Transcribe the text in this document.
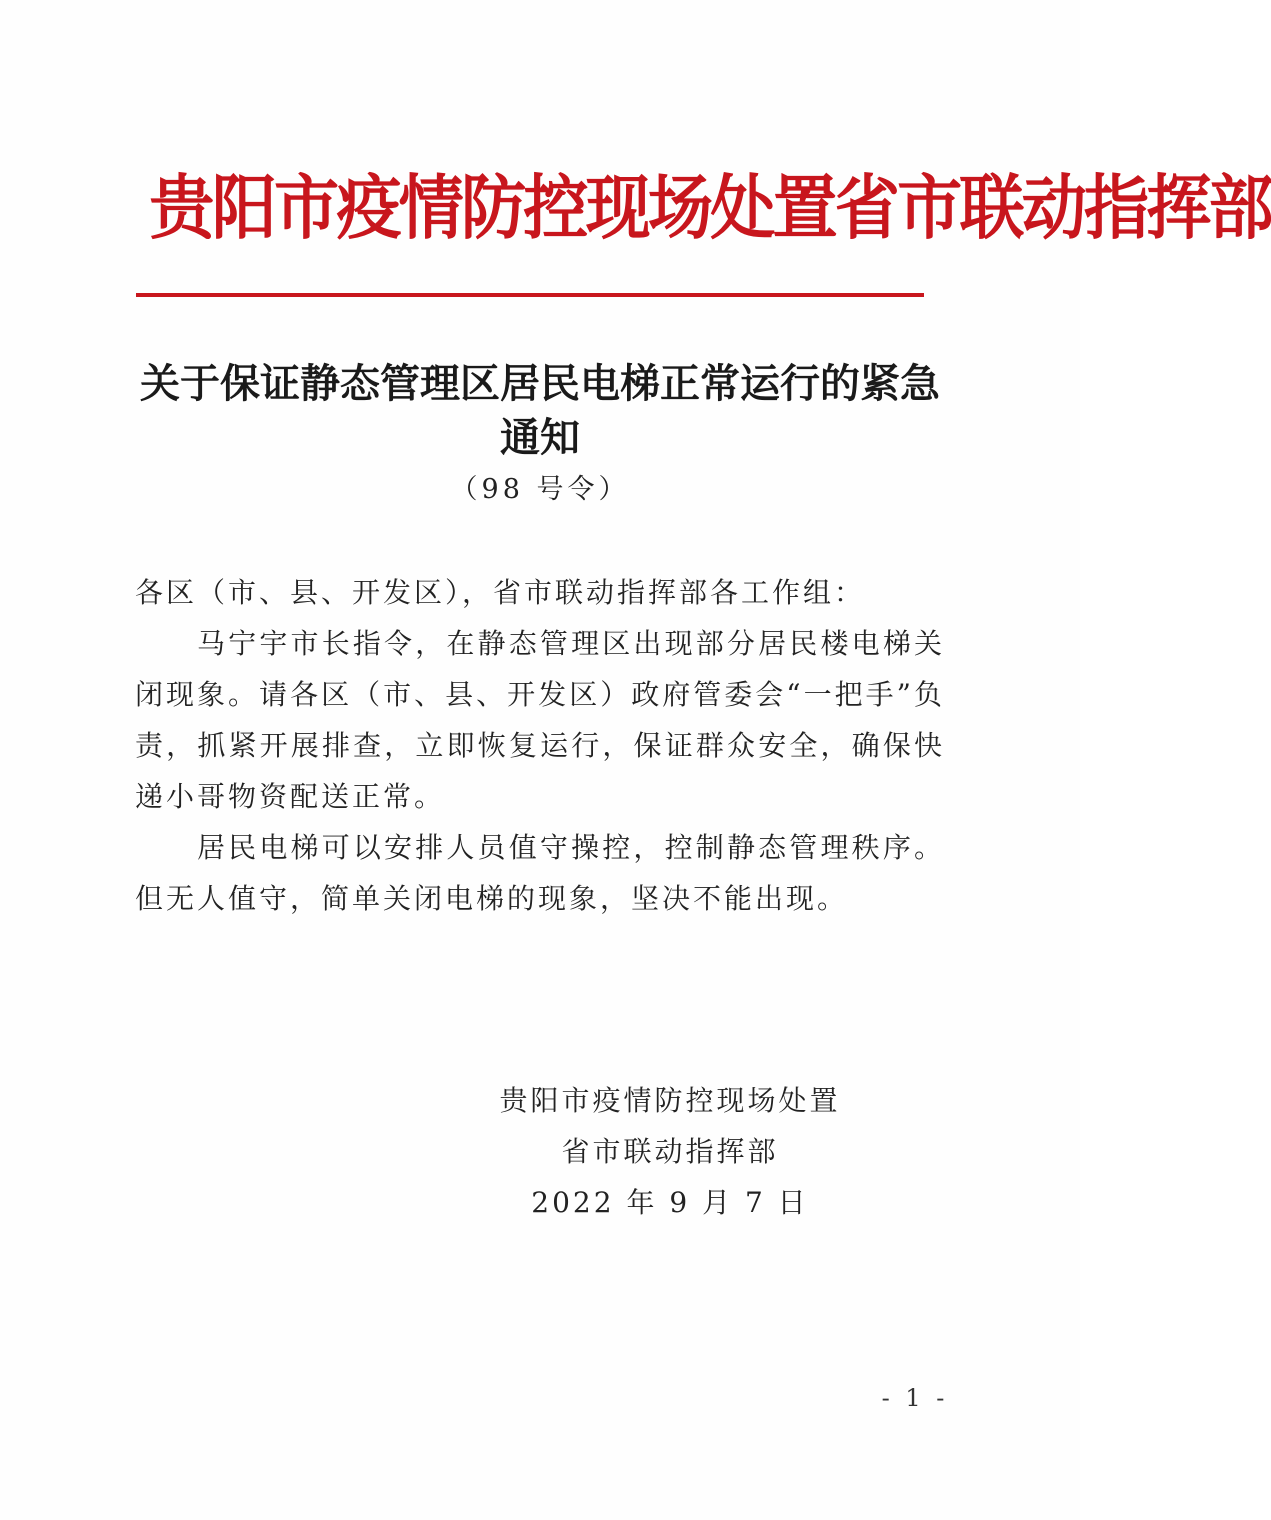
贵阳市疫情防控现场处置省市联动指挥部
关于保证静态管理区居民电梯正常运行的紧急
通知
（98 号令）

各区（市、县、开发区），省市联动指挥部各工作组：

马宁宇市长指令，在静态管理区出现部分居民楼电梯关闭现象。请各区（市、县、开发区）政府管委会“一把手”负责，抓紧开展排查，立即恢复运行，保证群众安全，确保快递小哥物资配送正常。

居民电梯可以安排人员值守操控，控制静态管理秩序。但无人值守，简单关闭电梯的现象，坚决不能出现。

贵阳市疫情防控现场处置
省市联动指挥部
2022 年 9 月 7 日
- 1 -
